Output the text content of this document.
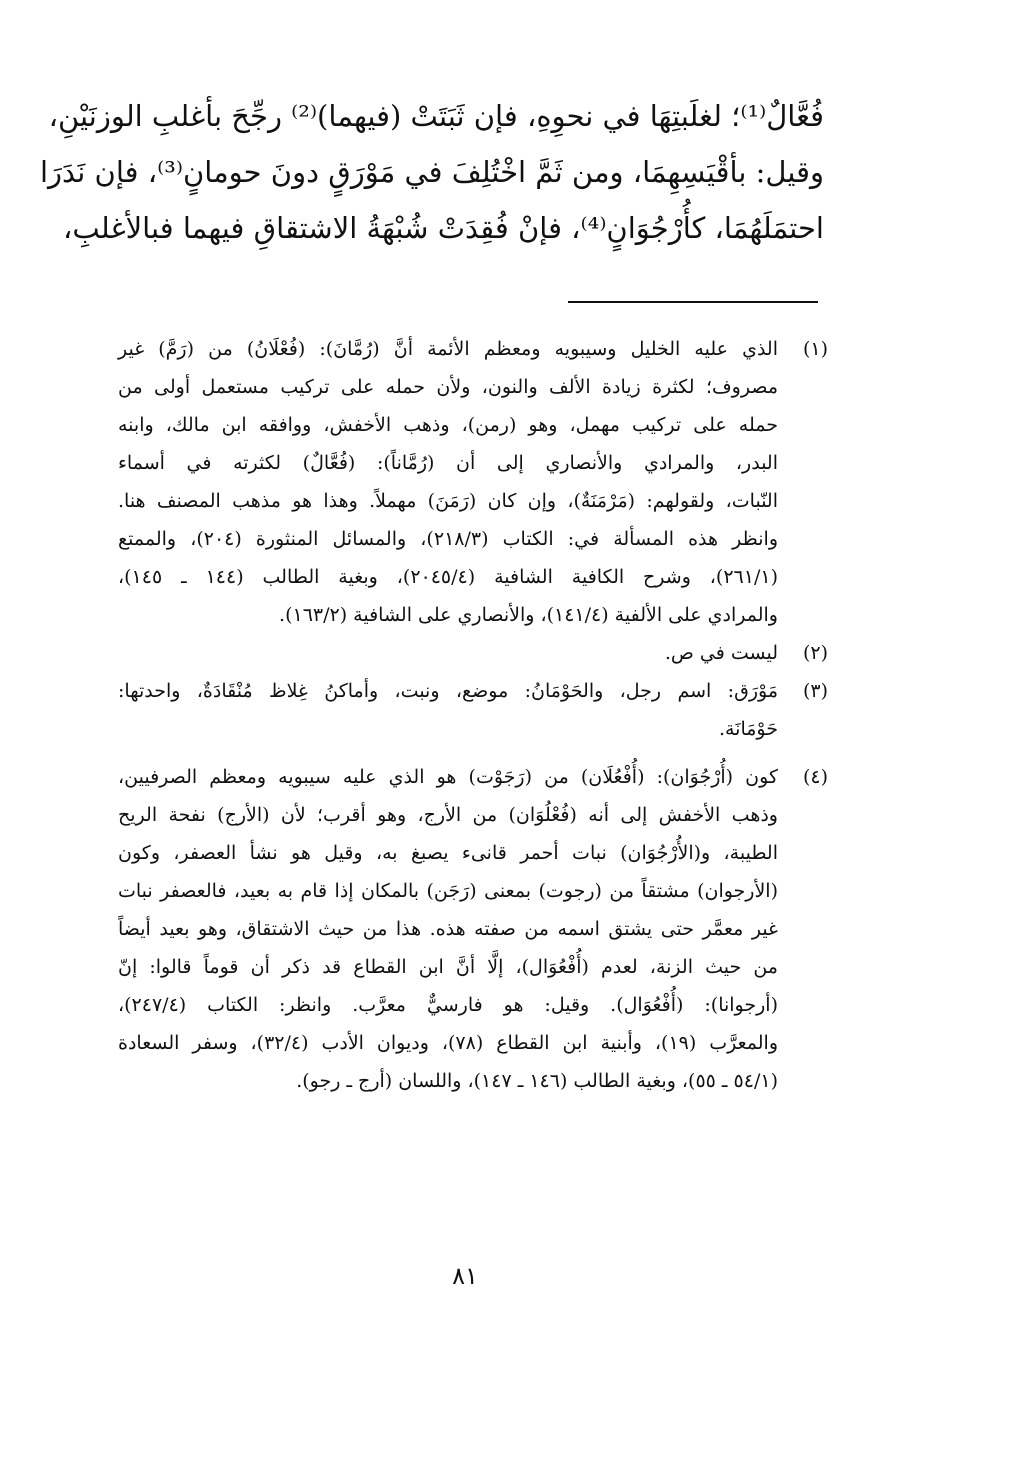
فُعَّالٌ⁽¹⁾؛ لغلَبتِهَا في نحوِهِ، فإن ثَبَتَتْ (فيهما)⁽²⁾ رجِّحَ بأغلبِ الوزنَيْنِ،
وقيل: بأقْيَسِهِمَا، ومن ثَمَّ اخْتُلِفَ في مَوْرَقٍ دونَ حومانٍ⁽³⁾، فإن نَدَرَا
احتمَلَهُمَا، كأُرْجُوَانٍ⁽⁴⁾، فإنْ فُقِدَتْ شُبْهَةُ الاشتقاقِ فيهما فبالأغلبِ،
(١)
الذي عليه الخليل وسيبويه ومعظم الأئمة أنَّ (رُمَّانَ): (فُعْلَانُ) من (رَمَّ) غير
مصروف؛ لكثرة زيادة الألف والنون، ولأن حمله على تركيب مستعمل أولى من
حمله على تركيب مهمل، وهو (رمن)، وذهب الأخفش، ووافقه ابن مالك، وابنه
البدر، والمرادي والأنصاري إلى أن (رُمَّاناً): (فُعَّالٌ) لكثرته في أسماء
النّبات، ولقولهم: (مَرْمَنَةٌ)، وإن كان (رَمَنَ) مهملاً. وهذا هو مذهب المصنف هنا.
وانظر هذه المسألة في: الكتاب (٢١٨/٣)، والمسائل المنثورة (٢٠٤)، والممتع
(٢٦١/١)، وشرح الكافية الشافية (٢٠٤٥/٤)، وبغية الطالب (١٤٤ ـ ١٤٥)،
والمرادي على الألفية (١٤١/٤)، والأنصاري على الشافية (١٦٣/٢).
(٢)
ليست في ص.
(٣)
مَوْرَق: اسم رجل، والحَوْمَانُ: موضع، ونبت، وأماكنُ غِلاظ مُنْقَادَةٌ، واحدتها:
حَوْمَانَة.
(٤)
كون (أُرْجُوَان): (أُفْعُلَان) من (رَجَوْت) هو الذي عليه سيبويه ومعظم الصرفيين،
وذهب الأخفش إلى أنه (فُعْلُوَان) من الأرج، وهو أقرب؛ لأن (الأرج) نفحة الريح
الطيبة، و(الأُرْجُوَان) نبات أحمر قانىء يصبغ به، وقيل هو نشأ العصفر، وكون
(الأرجوان) مشتقاً من (رجوت) بمعنى (رَجَن) بالمكان إذا قام به بعيد، فالعصفر نبات
غير معمَّر حتى يشتق اسمه من صفته هذه. هذا من حيث الاشتقاق، وهو بعيد أيضاً
من حيث الزنة، لعدم (أُفْعُوَال)، إلَّا أنَّ ابن القطاع قد ذكر أن قوماً قالوا: إنّ
(أرجوانا): (أُفْعُوَال). وقيل: هو فارسيٌّ معرَّب. وانظر: الكتاب (٢٤٧/٤)،
والمعرَّب (١٩)، وأبنية ابن القطاع (٧٨)، وديوان الأدب (٣٢/٤)، وسفر السعادة
(٥٤/١ ـ ٥٥)، وبغية الطالب (١٤٦ ـ ١٤٧)، واللسان (أرج ـ رجو).
٨١
